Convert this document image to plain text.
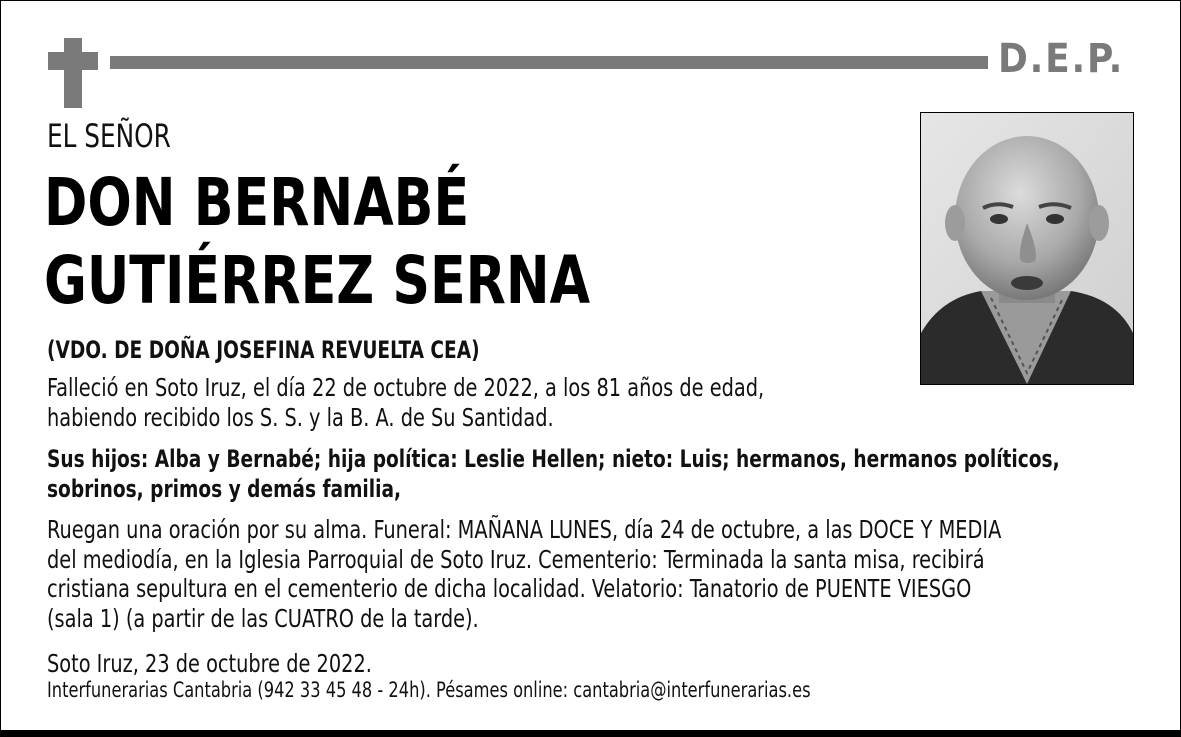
D.E.P.
EL SEÑOR
DON BERNABÉ
GUTIÉRREZ SERNA
(VDO. DE DOÑA JOSEFINA REVUELTA CEA)
Falleció en Soto Iruz, el día 22 de octubre de 2022, a los 81 años de edad,
habiendo recibido los S. S. y la B. A. de Su Santidad.
Sus hijos: Alba y Bernabé; hija política: Leslie Hellen; nieto: Luis; hermanos, hermanos políticos,
sobrinos, primos y demás familia,
Ruegan una oración por su alma. Funeral: MAÑANA LUNES, día 24 de octubre, a las DOCE Y MEDIA
del mediodía, en la Iglesia Parroquial de Soto Iruz. Cementerio: Terminada la santa misa, recibirá
cristiana sepultura en el cementerio de dicha localidad. Velatorio: Tanatorio de PUENTE VIESGO
(sala 1) (a partir de las CUATRO de la tarde).
Soto Iruz, 23 de octubre de 2022.
Interfunerarias Cantabria (942 33 45 48 - 24h). Pésames online: cantabria@interfunerarias.es
